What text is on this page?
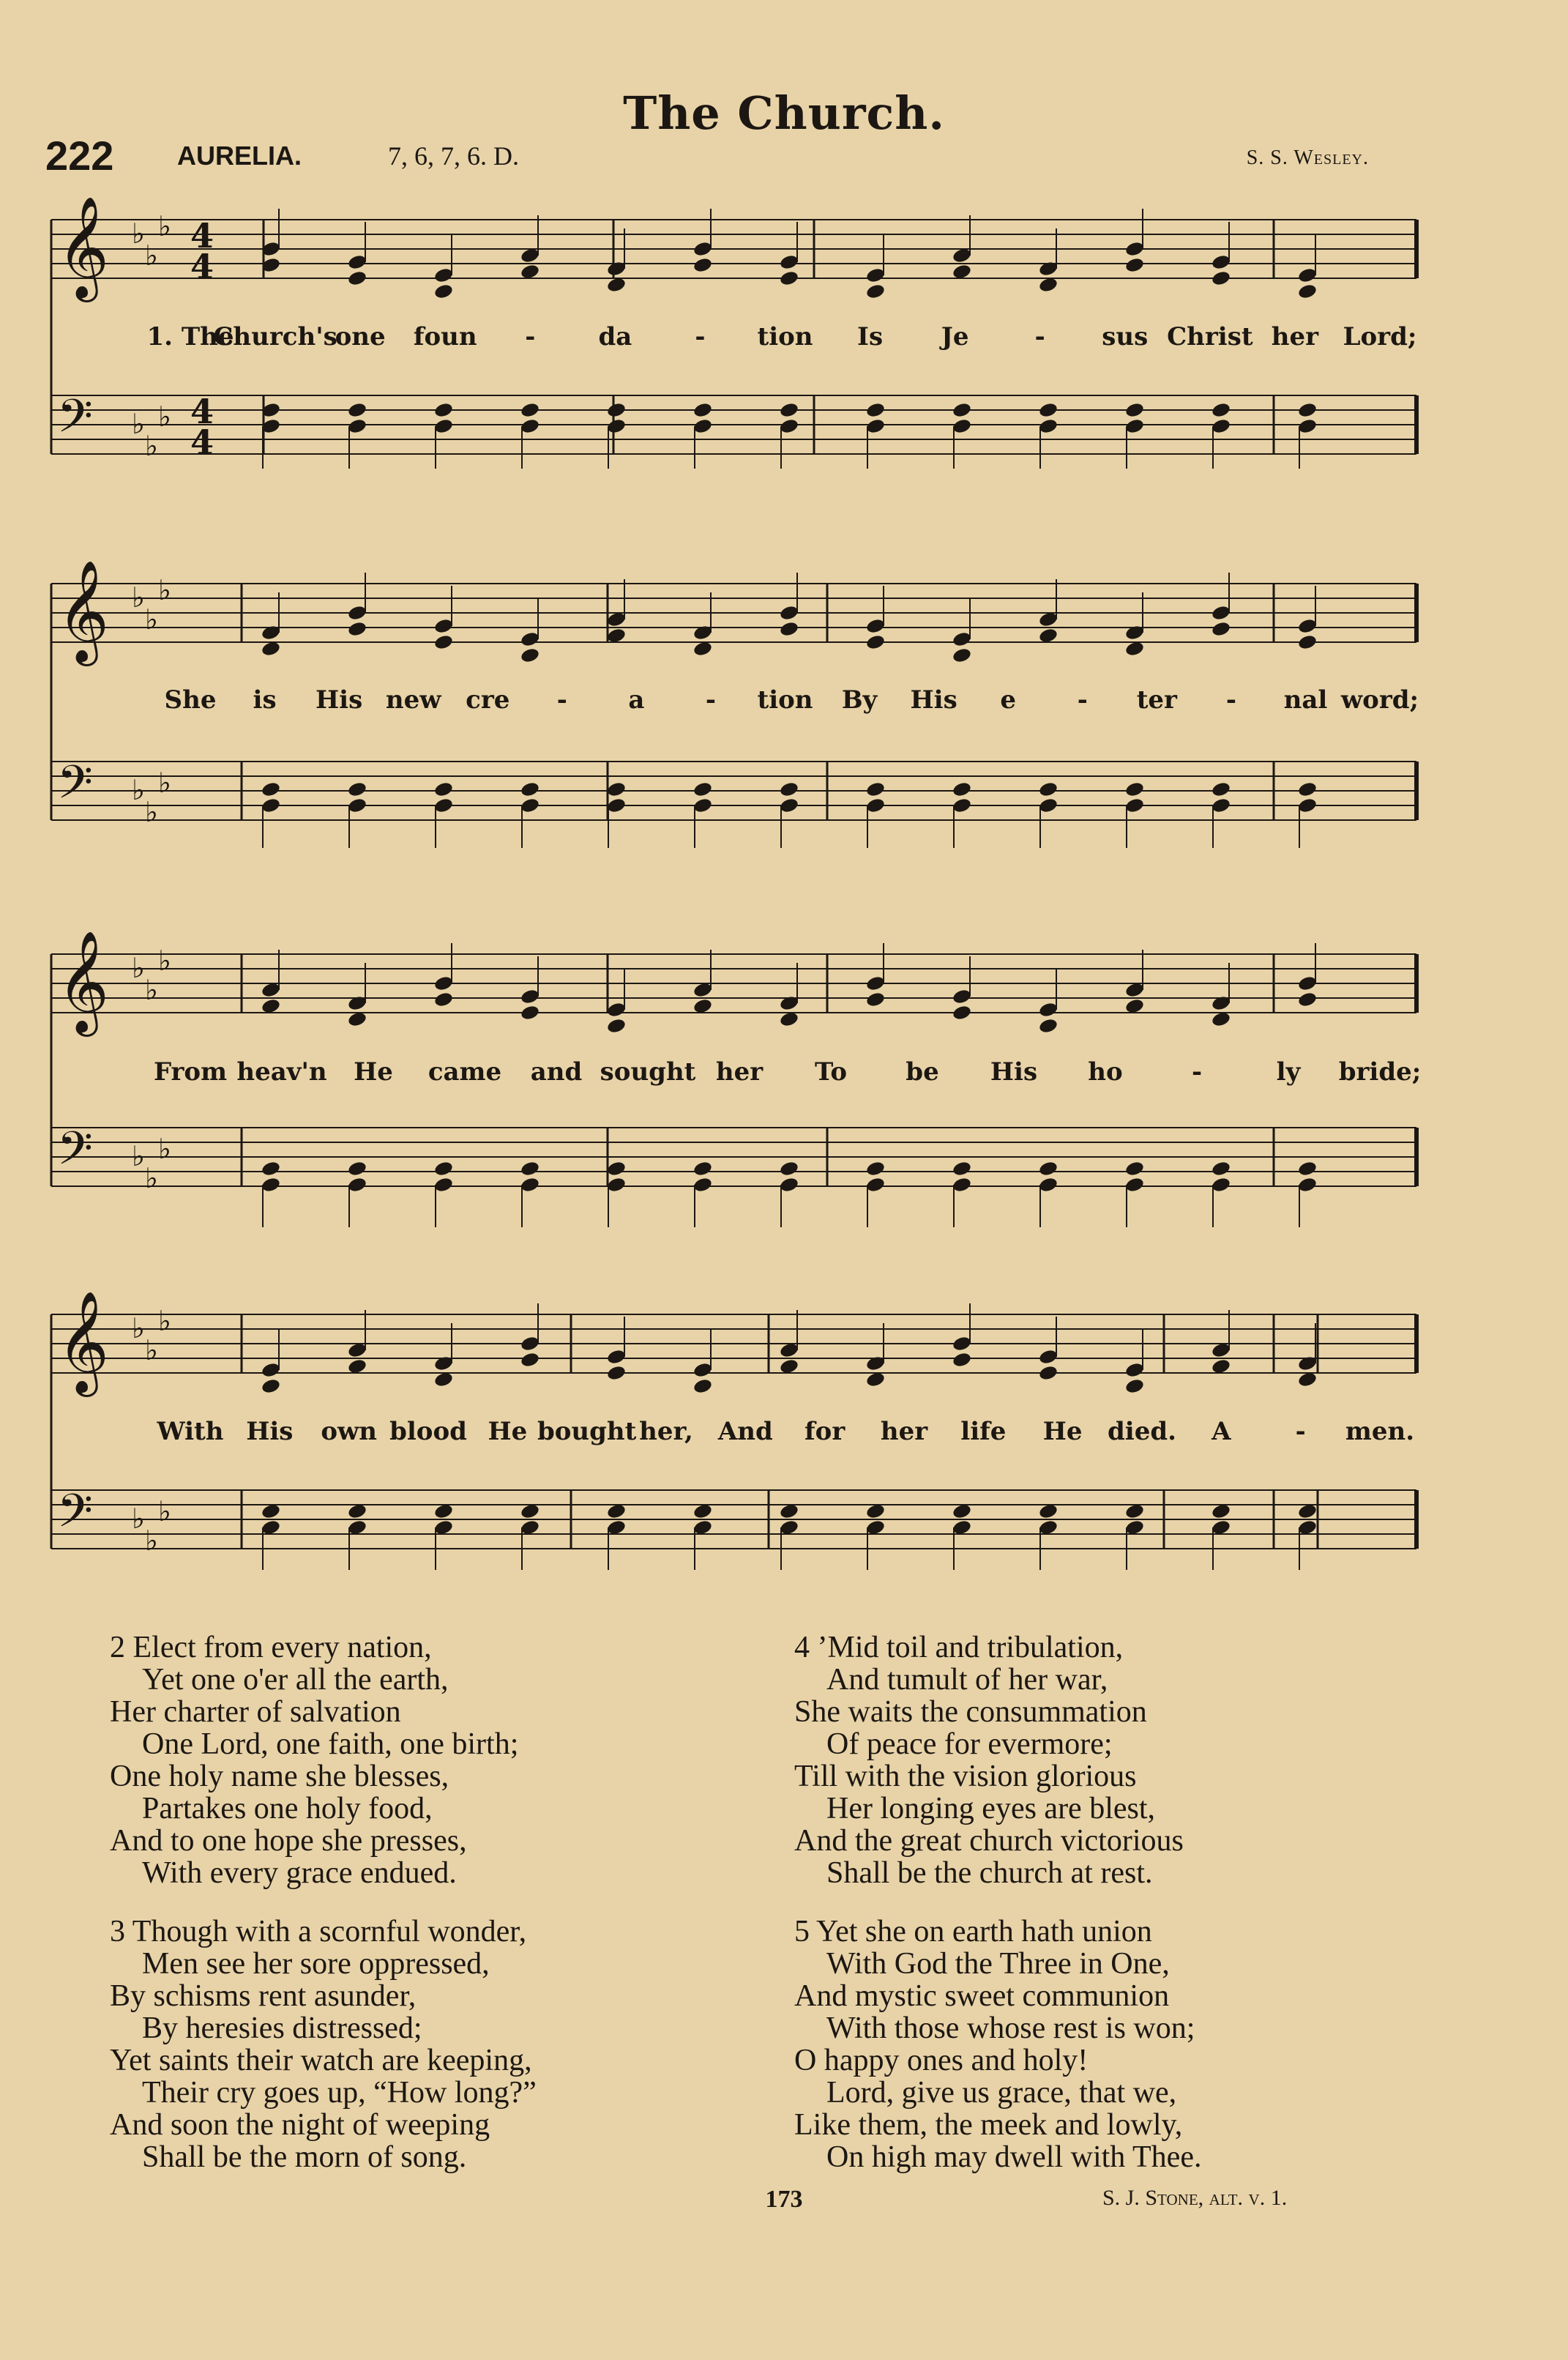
The Church.
222 AURELIA.	7, 6, 7, 6. D.	S. S. Wesley.
𝄞 ♭
♭
♭ 4
4
𝄢 ♭
♭
♭ 4
4
𝄞 ♭
♭
♭
𝄢 ♭
♭
♭
𝄞 ♭
♭
♭
𝄢 ♭
♭
♭
𝄞 ♭
♭
♭
𝄢 ♭
♭
♭
1. The
Church's
one foun -	da	- tion Is Je	- sus Christ her Lord;
She is His new cre - a - tion By His e - ter - nal word;
From heav'n He came and sought her To be His ho	-	ly bride;
With His own blood He bought her, And for her life He died. A	- men.
2 Elect from every nation,
Yet one o'er all the earth,
Her charter of salvation
One Lord, one faith, one birth;
One holy name she blesses,
Partakes one holy food,
And to one hope she presses,
With every grace endued.
3 Though with a scornful wonder,
Men see her sore oppressed,
By schisms rent asunder,
By heresies distressed;
Yet saints their watch are keeping,
Their cry goes up, “How long?”
And soon the night of weeping
Shall be the morn of song.
4 ’Mid toil and tribulation,
And tumult of her war,
She waits the consummation
Of peace for evermore;
Till with the vision glorious
Her longing eyes are blest,
And the great church victorious
Shall be the church at rest.
5 Yet she on earth hath union
With God the Three in One,
And mystic sweet communion
With those whose rest is won;
O happy ones and holy!
Lord, give us grace, that we,
Like them, the meek and lowly,
On high may dwell with Thee.
173	S. J. Stone, alt. v. 1.
